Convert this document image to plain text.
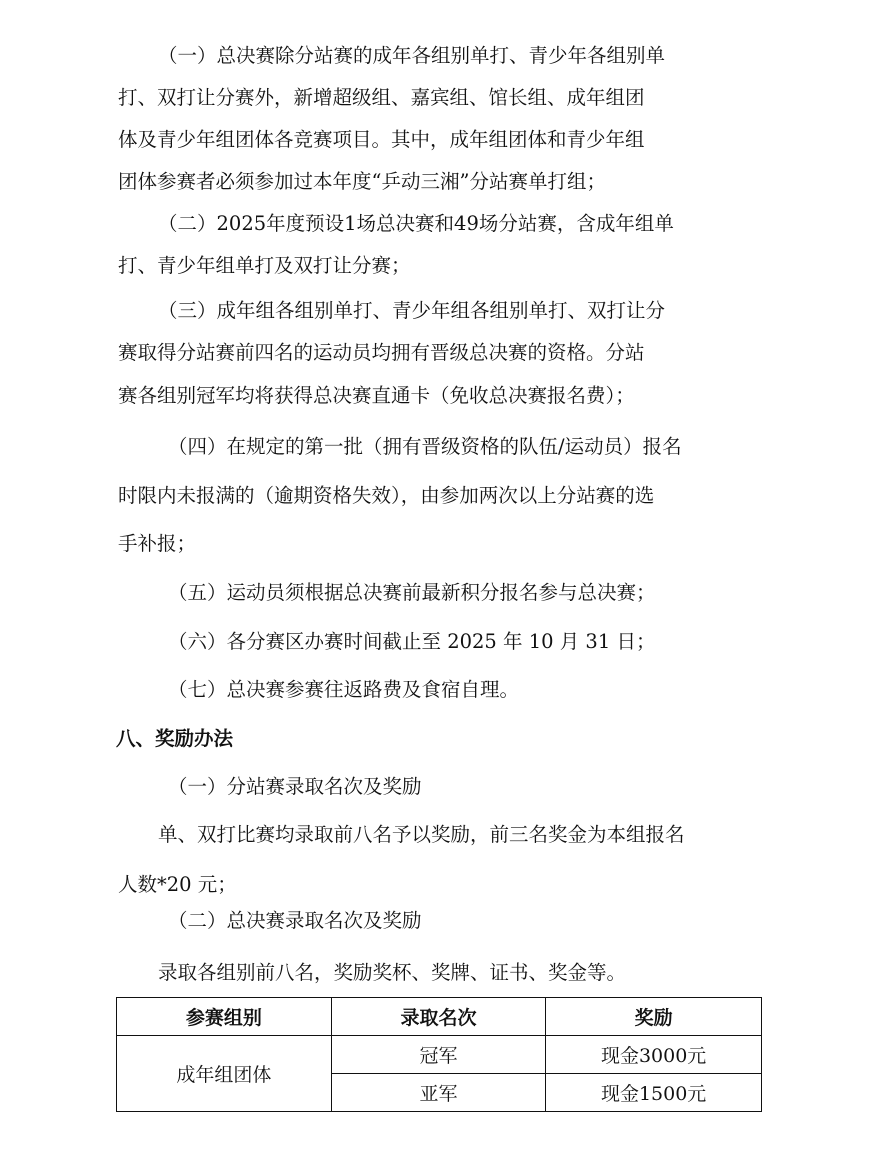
（一）总决赛除分站赛的成年各组别单打、青少年各组别单
打、双打让分赛外，新增超级组、嘉宾组、馆长组、成年组团
体及青少年组团体各竞赛项目。其中，成年组团体和青少年组
团体参赛者必须参加过本年度“乒动三湘”分站赛单打组；
（二）2025年度预设1场总决赛和49场分站赛，含成年组单
打、青少年组单打及双打让分赛；
（三）成年组各组别单打、青少年组各组别单打、双打让分
赛取得分站赛前四名的运动员均拥有晋级总决赛的资格。分站
赛各组别冠军均将获得总决赛直通卡（免收总决赛报名费）；
（四）在规定的第一批（拥有晋级资格的队伍/运动员）报名
时限内未报满的（逾期资格失效），由参加两次以上分站赛的选
手补报；
（五）运动员须根据总决赛前最新积分报名参与总决赛；
（六）各分赛区办赛时间截止至 2025 年 10 月 31 日；
（七）总决赛参赛往返路费及食宿自理。
八、奖励办法
（一）分站赛录取名次及奖励
单、双打比赛均录取前八名予以奖励，前三名奖金为本组报名
人数*20 元；
（二）总决赛录取名次及奖励
录取各组别前八名，奖励奖杯、奖牌、证书、奖金等。
参赛组别	录取名次	奖励
成年组团体	冠军	现金3000元
	亚军	现金1500元
